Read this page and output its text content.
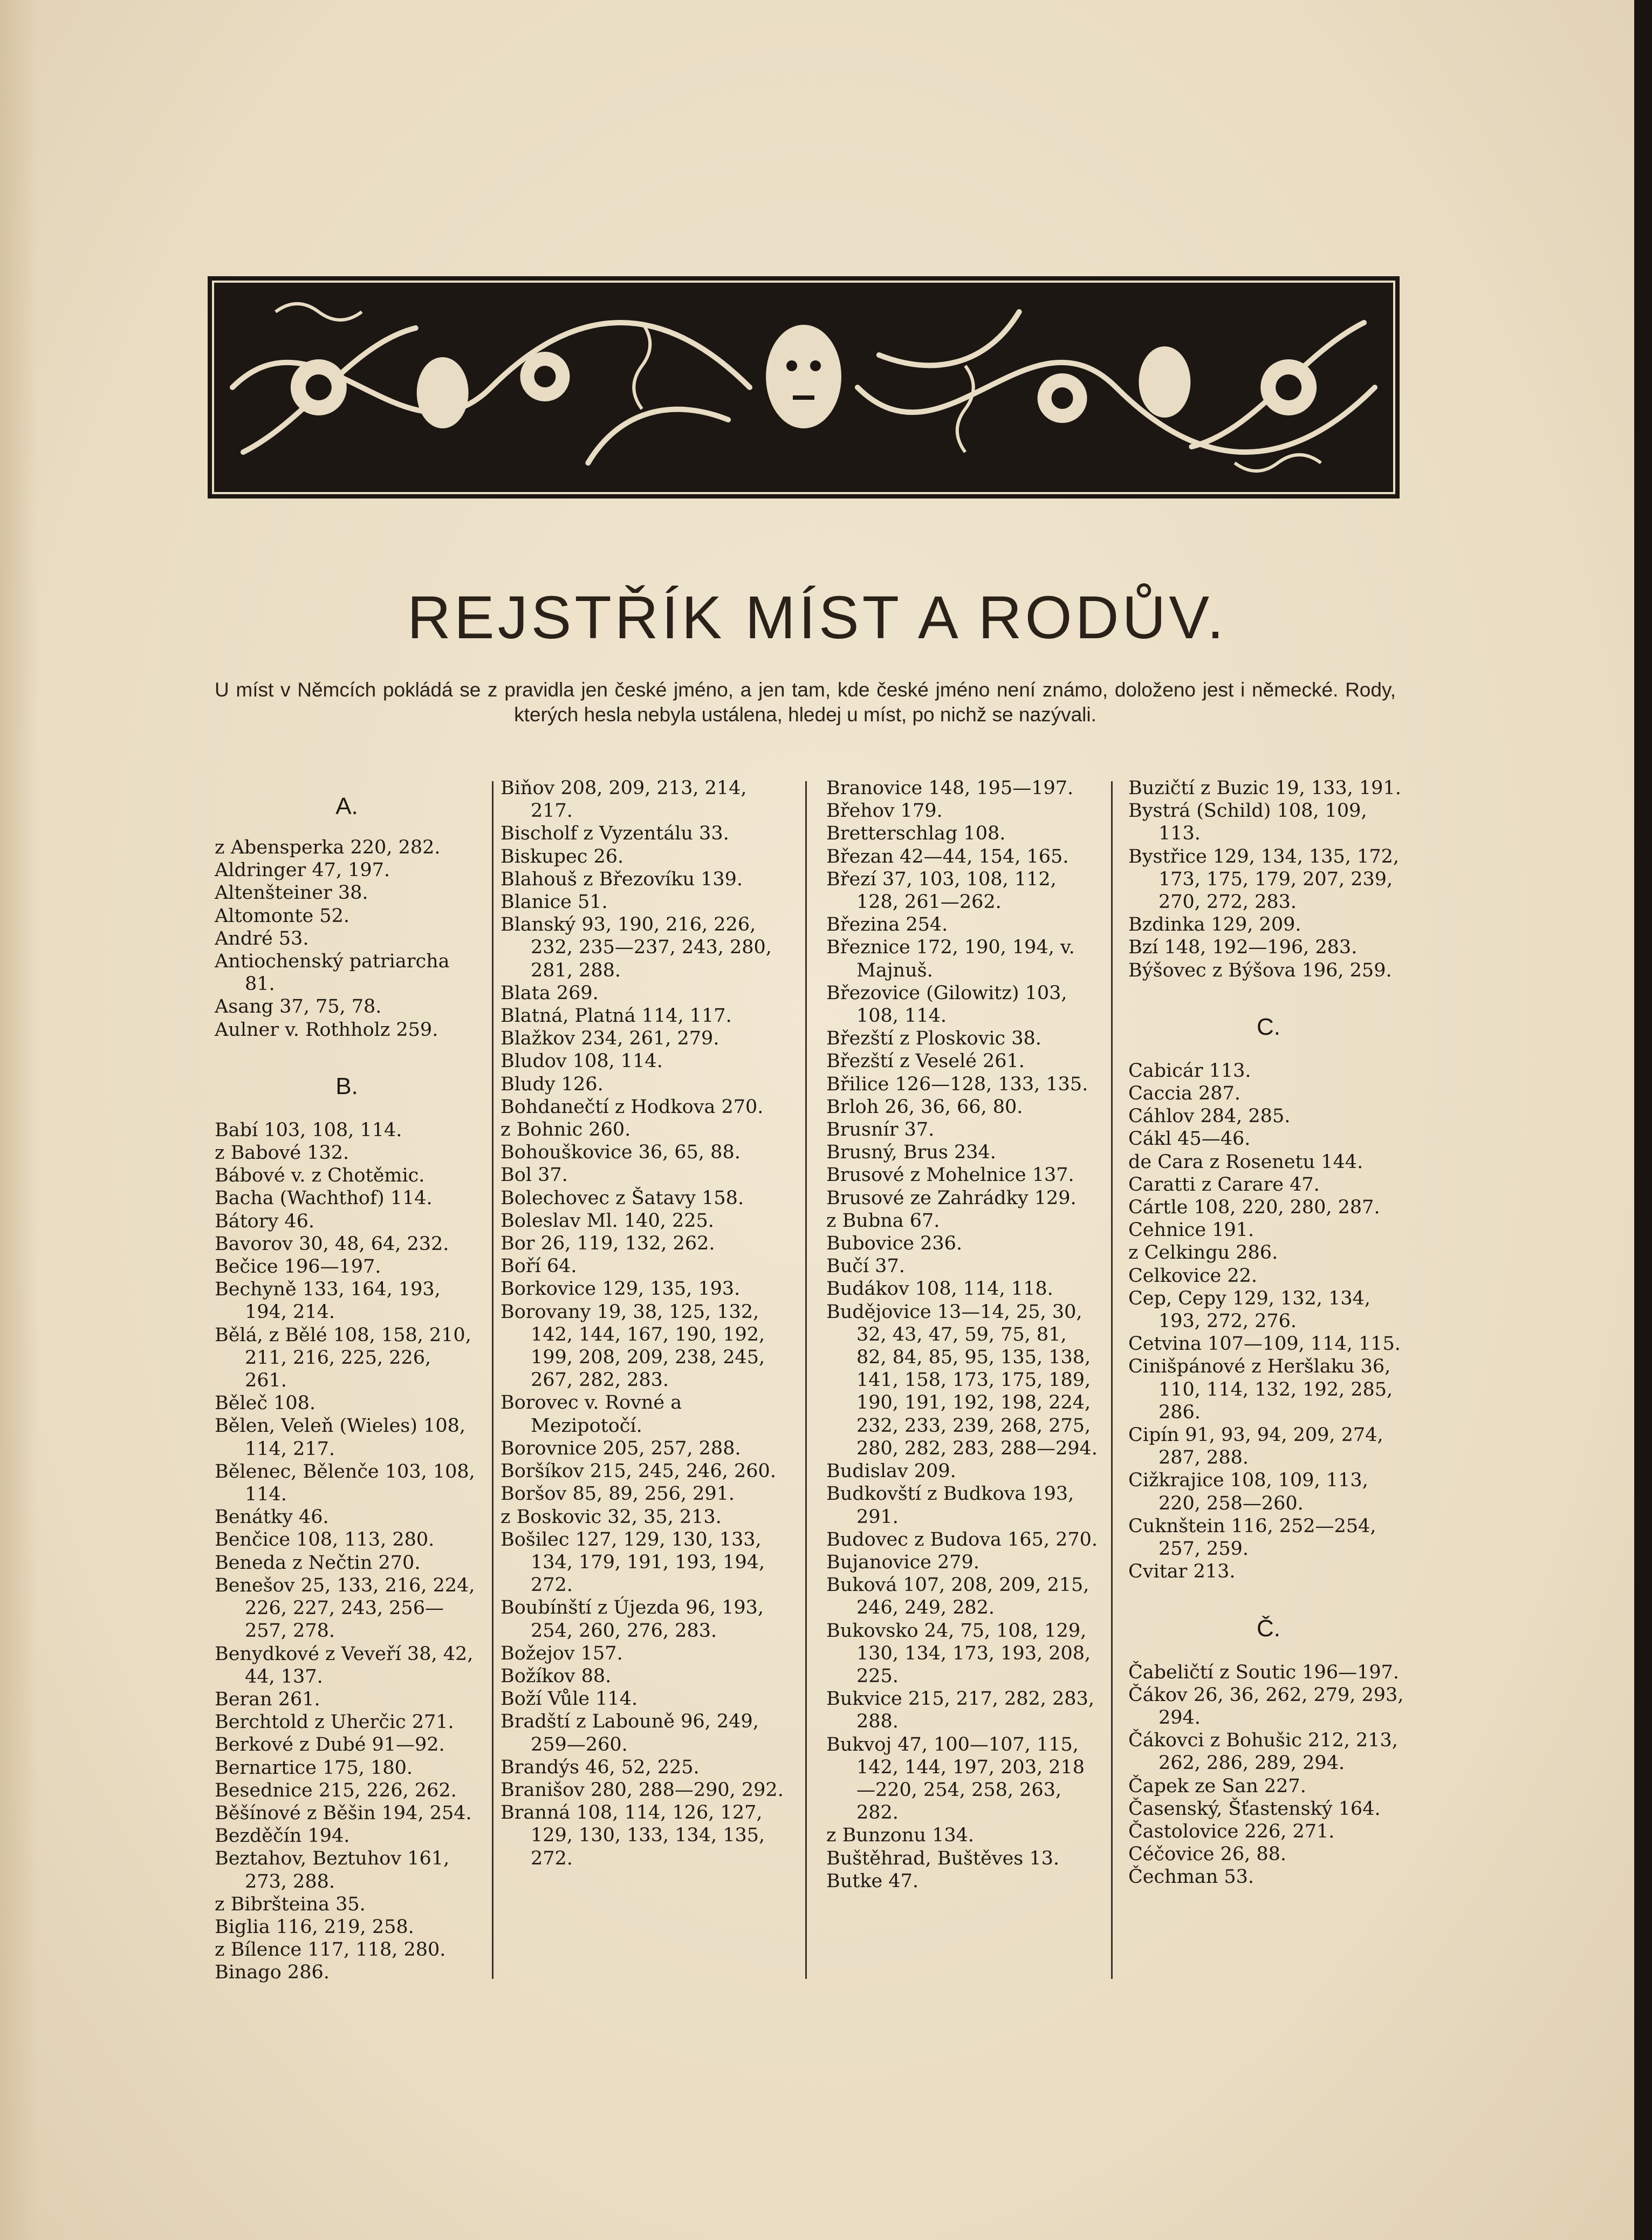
REJSTŘÍK MÍST A RODŮV.
U míst v Němcích pokládá se z pravidla jen české jméno, a jen tam, kde české jméno není známo, doloženo jest i německé. Rody, kterých hesla nebyla ustálena, hledej u míst, po nichž se nazývali.
A.

z Abensperka 220, 282.

Aldringer 47, 197.

Altenšteiner 38.

Altomonte 52.

André 53.

Antiochenský patriarcha 81.

Asang 37, 75, 78.

Aulner v. Rothholz 259.

B.

Babí 103, 108, 114.

z Babové 132.

Bábové v. z Chotěmic.

Bacha (Wachthof) 114.

Bátory 46.

Bavorov 30, 48, 64, 232.

Bečice 196—197.

Bechyně 133, 164, 193, 194, 214.

Bělá, z Bělé 108, 158, 210, 211, 216, 225, 226, 261.

Běleč 108.

Bělen, Veleň (Wieles) 108, 114, 217.

Bělenec, Bělenče 103, 108, 114.

Benátky 46.

Benčice 108, 113, 280.

Beneda z Nečtin 270.

Benešov 25, 133, 216, 224, 226, 227, 243, 256—257, 278.

Benydkové z Veveří 38, 42, 44, 137.

Beran 261.

Berchtold z Uherčic 271.

Berkové z Dubé 91—92.

Bernartice 175, 180.

Besednice 215, 226, 262.

Běšínové z Běšin 194, 254.

Bezděčín 194.

Beztahov, Beztuhov 161, 273, 288.

z Bibršteina 35.

Biglia 116, 219, 258.

z Bílence 117, 118, 280.

Binago 286.

Biňov 208, 209, 213, 214, 217.

Bischolf z Vyzentálu 33.

Biskupec 26.

Blahouš z Březovíku 139.

Blanice 51.

Blanský 93, 190, 216, 226, 232, 235—237, 243, 280, 281, 288.

Blata 269.

Blatná, Platná 114, 117.

Blažkov 234, 261, 279.

Bludov 108, 114.

Bludy 126.

Bohdanečtí z Hodkova 270.

z Bohnic 260.

Bohouškovice 36, 65, 88.

Bol 37.

Bolechovec z Šatavy 158.

Boleslav Ml. 140, 225.

Bor 26, 119, 132, 262.

Boří 64.

Borkovice 129, 135, 193.

Borovany 19, 38, 125, 132, 142, 144, 167, 190, 192, 199, 208, 209, 238, 245, 267, 282, 283.

Borovec v. Rovné a Mezipotočí.

Borovnice 205, 257, 288.

Boršíkov 215, 245, 246, 260.

Boršov 85, 89, 256, 291.

z Boskovic 32, 35, 213.

Bošilec 127, 129, 130, 133, 134, 179, 191, 193, 194, 272.

Boubínští z Újezda 96, 193, 254, 260, 276, 283.

Božejov 157.

Božíkov 88.

Boží Vůle 114.

Bradští z Labouně 96, 249, 259—260.

Brandýs 46, 52, 225.

Branišov 280, 288—290, 292.

Branná 108, 114, 126, 127, 129, 130, 133, 134, 135, 272.

Branovice 148, 195—197.

Břehov 179.

Bretterschlag 108.

Březan 42—44, 154, 165.

Březí 37, 103, 108, 112, 128, 261—262.

Březina 254.

Březnice 172, 190, 194, v. Majnuš.

Březovice (Gilowitz) 103, 108, 114.

Březští z Ploskovic 38.

Březští z Veselé 261.

Břilice 126—128, 133, 135.

Brloh 26, 36, 66, 80.

Brusnír 37.

Brusný, Brus 234.

Brusové z Mohelnice 137.

Brusové ze Zahrádky 129.

z Bubna 67.

Bubovice 236.

Bučí 37.

Budákov 108, 114, 118.

Budějovice 13—14, 25, 30, 32, 43, 47, 59, 75, 81, 82, 84, 85, 95, 135, 138, 141, 158, 173, 175, 189, 190, 191, 192, 198, 224, 232, 233, 239, 268, 275, 280, 282, 283, 288—294.

Budislav 209.

Budkovští z Budkova 193, 291.

Budovec z Budova 165, 270.

Bujanovice 279.

Buková 107, 208, 209, 215, 246, 249, 282.

Bukovsko 24, 75, 108, 129, 130, 134, 173, 193, 208, 225.

Bukvice 215, 217, 282, 283, 288.

Bukvoj 47, 100—107, 115, 142, 144, 197, 203, 218—220, 254, 258, 263, 282.

z Bunzonu 134.

Buštěhrad, Buštěves 13.

Butke 47.

Buzičtí z Buzic 19, 133, 191.

Bystrá (Schild) 108, 109, 113.

Bystřice 129, 134, 135, 172, 173, 175, 179, 207, 239, 270, 272, 283.

Bzdinka 129, 209.

Bzí 148, 192—196, 283.

Býšovec z Býšova 196, 259.

C.

Cabicár 113.

Caccia 287.

Cáhlov 284, 285.

Cákl 45—46.

de Cara z Rosenetu 144.

Caratti z Carare 47.

Cártle 108, 220, 280, 287.

Cehnice 191.

z Celkingu 286.

Celkovice 22.

Cep, Cepy 129, 132, 134, 193, 272, 276.

Cetvina 107—109, 114, 115.

Cinišpánové z Heršlaku 36, 110, 114, 132, 192, 285, 286.

Cipín 91, 93, 94, 209, 274, 287, 288.

Cižkrajice 108, 109, 113, 220, 258—260.

Cuknštein 116, 252—254, 257, 259.

Cvitar 213.

Č.

Čabeličtí z Soutic 196—197.

Čákov 26, 36, 262, 279, 293, 294.

Čákovci z Bohušic 212, 213, 262, 286, 289, 294.

Čapek ze San 227.

Časenský, Šťastenský 164.

Častolovice 226, 271.

Céčovice 26, 88.

Čechman 53.
